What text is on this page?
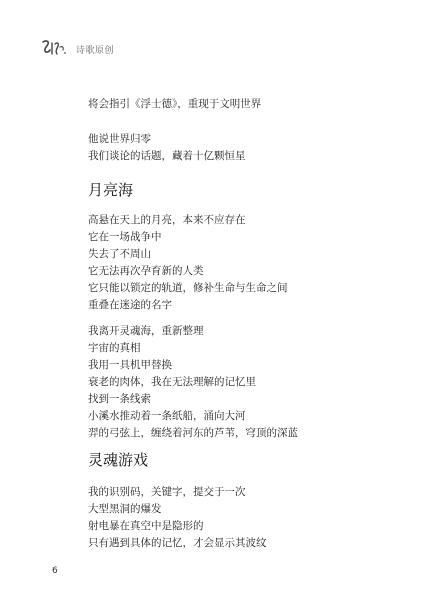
诗歌原创
将会指引《浮士德》，重现于文明世界
他说世界归零
我们谈论的话题，藏着十亿颗恒星
月亮海
高悬在天上的月亮，本来不应存在
它在一场战争中
失去了不周山
它无法再次孕育新的人类
它只能以锁定的轨道，修补生命与生命之间
重叠在迷途的名字
我离开灵魂海，重新整理
宇宙的真相
我用一具机甲替换
衰老的肉体，我在无法理解的记忆里
找到一条线索
小溪水推动着一条纸船，涌向大河
羿的弓弦上，缠绕着河东的芦苇，穹顶的深蓝
灵魂游戏
我的识别码，关键字，提交于一次
大型黑洞的爆发
射电暴在真空中是隐形的
只有遇到具体的记忆，才会显示其波纹
6
